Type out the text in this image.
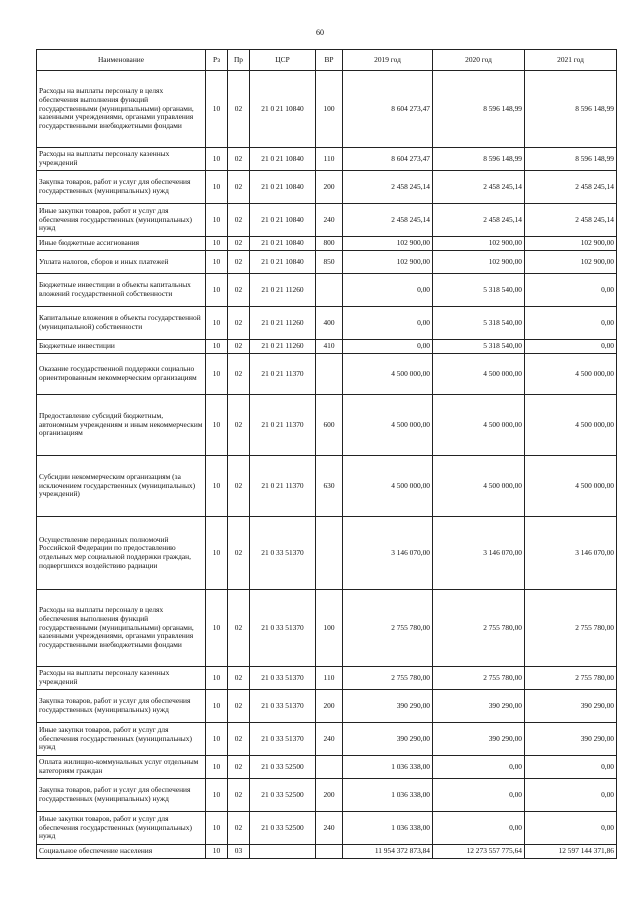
60
Наименование	Рз	Пр	ЦСР	ВР	2019 год	2020 год	2021 год
Расходы на выплаты персоналу в целях обеспечения выполнения функций государственными (муниципальными) органами, казенными учреждениями, органами управления государственными внебюджетными фондами	10	02	21 0 21 10840	100	8 604 273,47	8 596 148,99	8 596 148,99
Расходы на выплаты персоналу казенных учреждений	10	02	21 0 21 10840	110	8 604 273,47	8 596 148,99	8 596 148,99
Закупка товаров, работ и услуг для обеспечения государственных (муниципальных) нужд	10	02	21 0 21 10840	200	2 458 245,14	2 458 245,14	2 458 245,14
Иные закупки товаров, работ и услуг для обеспечения государственных (муниципальных) нужд	10	02	21 0 21 10840	240	2 458 245,14	2 458 245,14	2 458 245,14
Иные бюджетные ассигнования	10	02	21 0 21 10840	800	102 900,00	102 900,00	102 900,00
Уплата налогов, сборов и иных платежей	10	02	21 0 21 10840	850	102 900,00	102 900,00	102 900,00
Бюджетные инвестиции в объекты капитальных вложений государственной собственности	10	02	21 0 21 11260		0,00	5 318 540,00	0,00
Капитальные вложения в объекты государственной (муниципальной) собственности	10	02	21 0 21 11260	400	0,00	5 318 540,00	0,00
Бюджетные инвестиции	10	02	21 0 21 11260	410	0,00	5 318 540,00	0,00
Оказание государственной поддержки социально ориентированным некоммерческим организациям	10	02	21 0 21 11370		4 500 000,00	4 500 000,00	4 500 000,00
Предоставление субсидий бюджетным, автономным учреждениям и иным некоммерческим организациям	10	02	21 0 21 11370	600	4 500 000,00	4 500 000,00	4 500 000,00
Субсидии некоммерческим организациям (за исключением государственных (муниципальных) учреждений)	10	02	21 0 21 11370	630	4 500 000,00	4 500 000,00	4 500 000,00
Осуществление переданных полномочий Российской Федерации по предоставлению отдельных мер социальной поддержки граждан, подвергшихся воздействию радиации	10	02	21 0 33 51370		3 146 070,00	3 146 070,00	3 146 070,00
Расходы на выплаты персоналу в целях обеспечения выполнения функций государственными (муниципальными) органами, казенными учреждениями, органами управления государственными внебюджетными фондами	10	02	21 0 33 51370	100	2 755 780,00	2 755 780,00	2 755 780,00
Расходы на выплаты персоналу казенных учреждений	10	02	21 0 33 51370	110	2 755 780,00	2 755 780,00	2 755 780,00
Закупка товаров, работ и услуг для обеспечения государственных (муниципальных) нужд	10	02	21 0 33 51370	200	390 290,00	390 290,00	390 290,00
Иные закупки товаров, работ и услуг для обеспечения государственных (муниципальных) нужд	10	02	21 0 33 51370	240	390 290,00	390 290,00	390 290,00
Оплата жилищно-коммунальных услуг отдельным категориям граждан	10	02	21 0 33 52500		1 036 338,00	0,00	0,00
Закупка товаров, работ и услуг для обеспечения государственных (муниципальных) нужд	10	02	21 0 33 52500	200	1 036 338,00	0,00	0,00
Иные закупки товаров, работ и услуг для обеспечения государственных (муниципальных) нужд	10	02	21 0 33 52500	240	1 036 338,00	0,00	0,00
Социальное обеспечение населения	10	03			11 954 372 873,84	12 273 557 775,64	12 597 144 371,86
